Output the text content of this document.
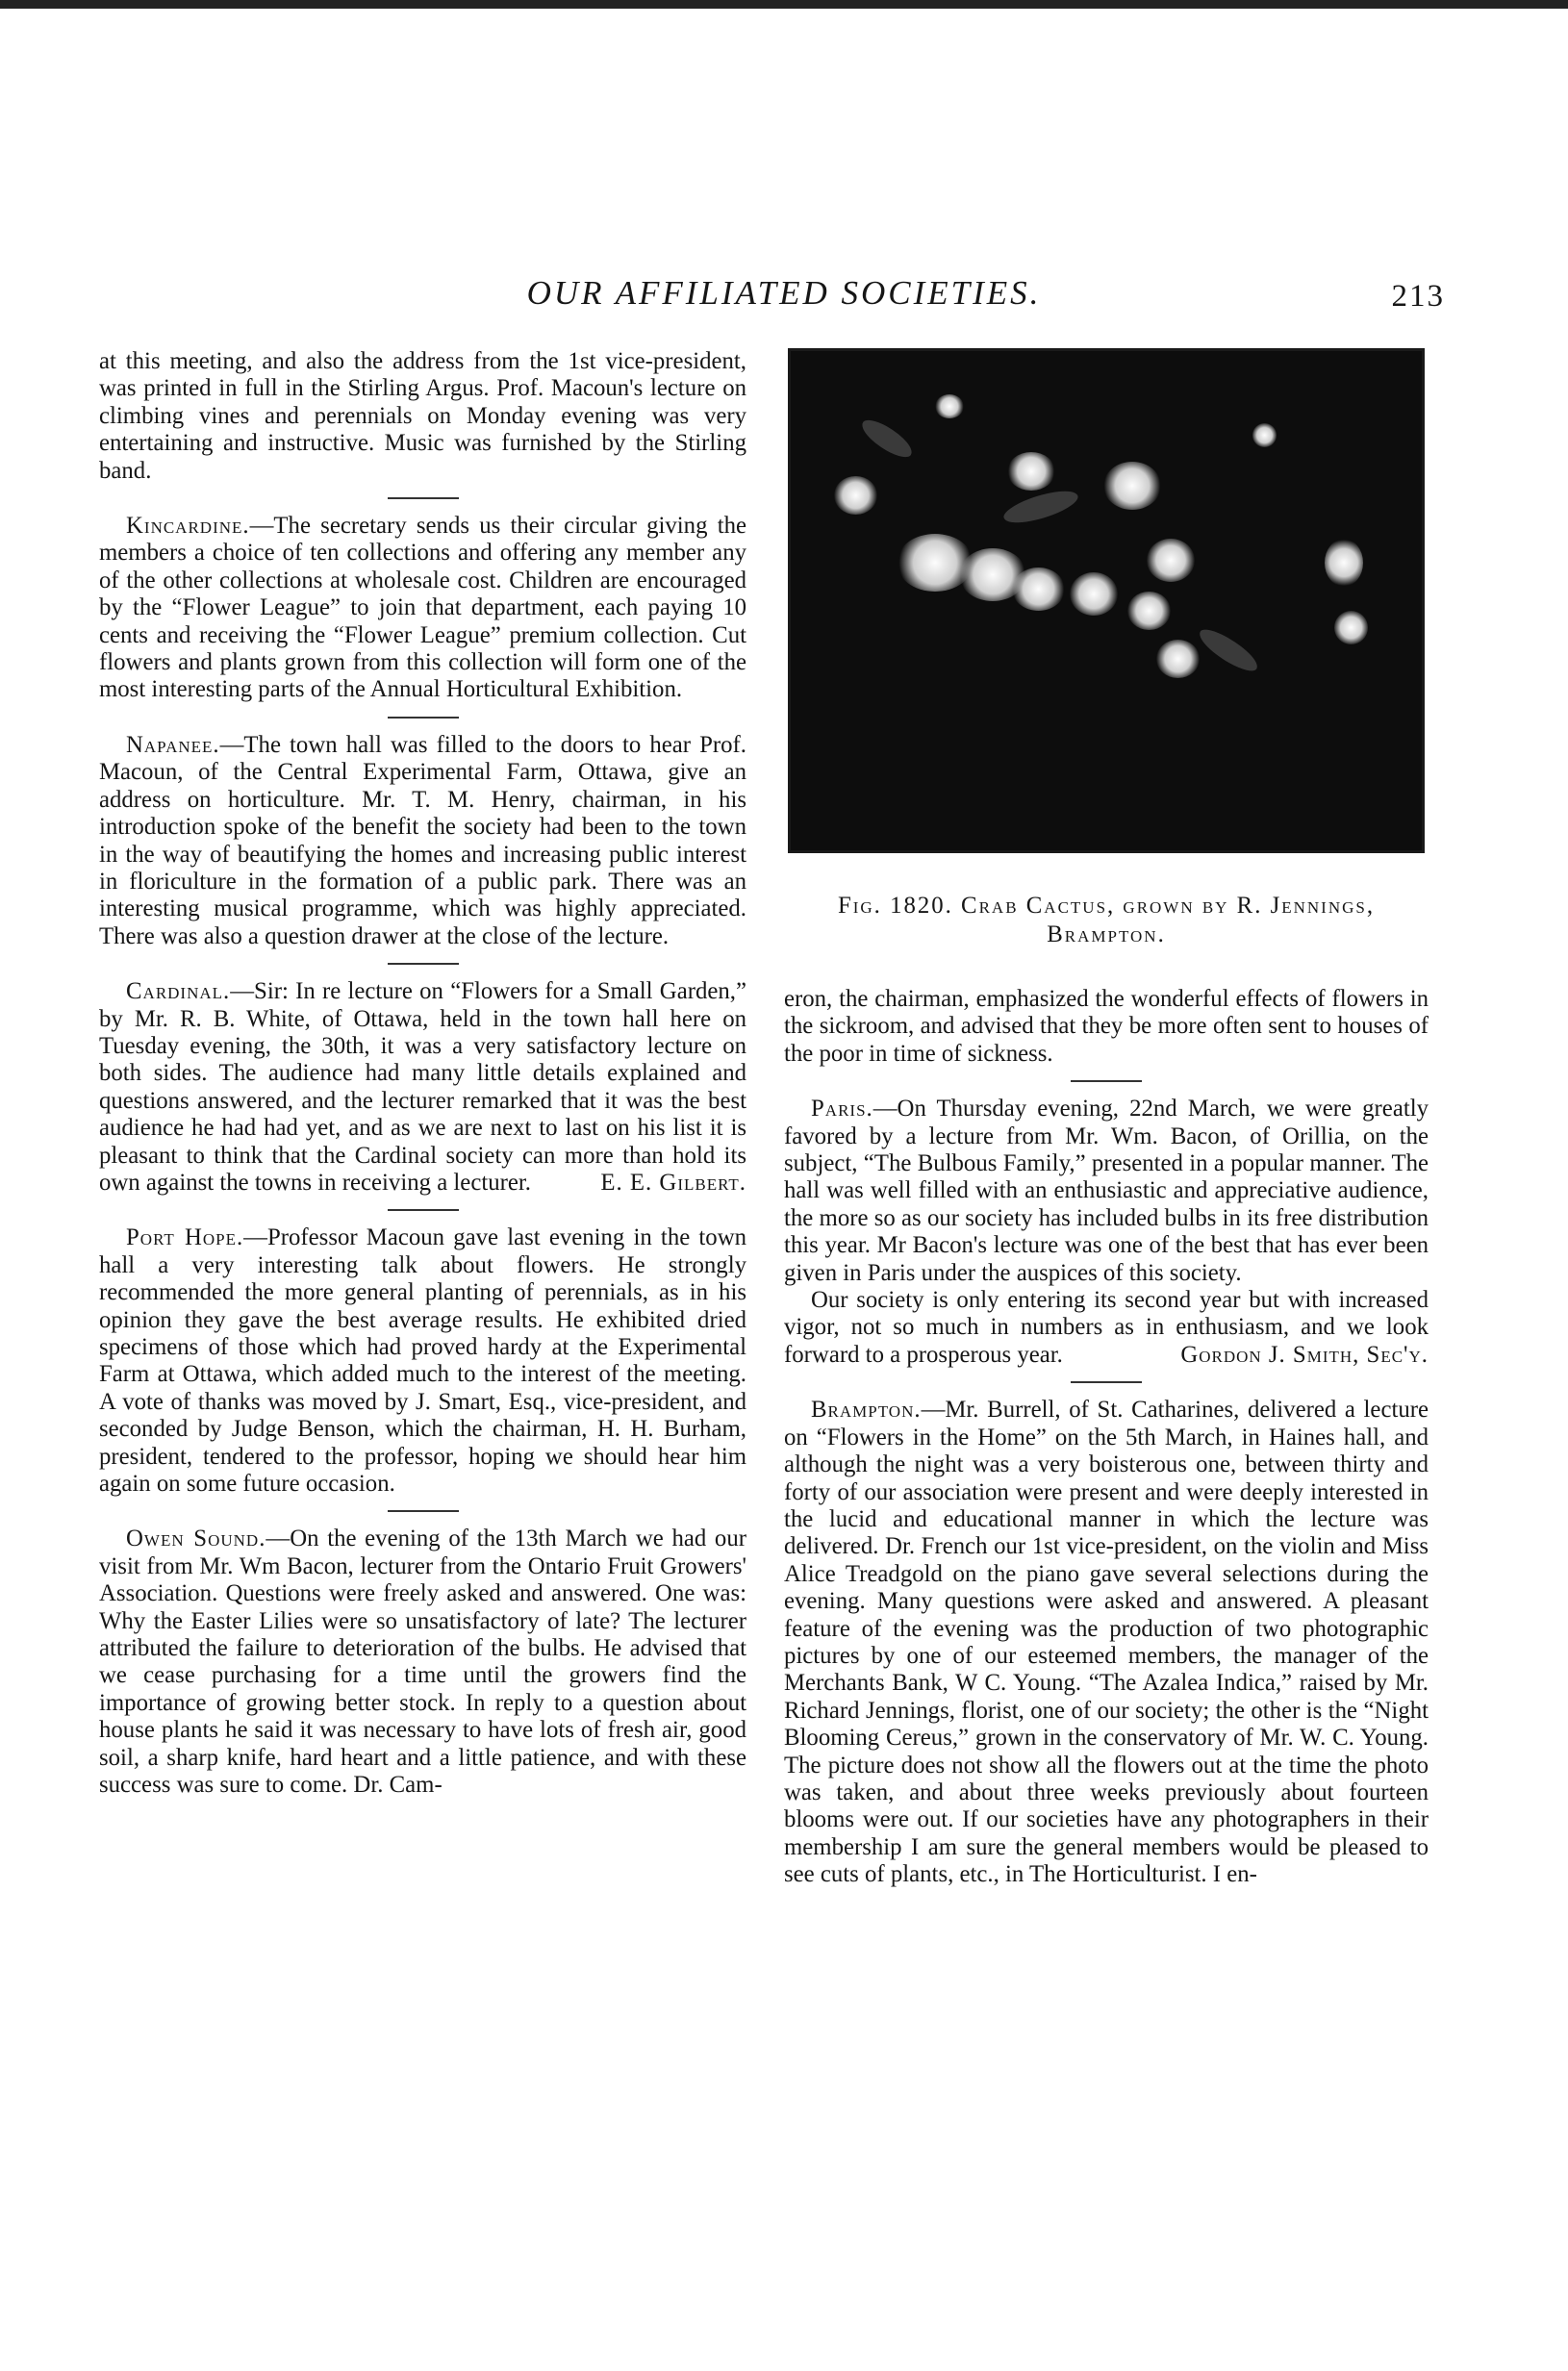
OUR AFFILIATED SOCIETIES.	213

at this meeting, and also the address from the 1st vice-president, was printed in full in the Stirling Argus. Prof. Macoun's lecture on climbing vines and perennials on Monday evening was very entertaining and instructive. Music was furnished by the Stirling band.

Kincardine.—The secretary sends us their circular giving the members a choice of ten collections and offering any member any of the other collections at wholesale cost. Children are encouraged by the “Flower League” to join that department, each paying 10 cents and receiving the “Flower League” premium collection. Cut flowers and plants grown from this collection will form one of the most interesting parts of the Annual Horticultural Exhibition.

Napanee.—The town hall was filled to the doors to hear Prof. Macoun, of the Central Experimental Farm, Ottawa, give an address on horticulture. Mr. T. M. Henry, chairman, in his introduction spoke of the benefit the society had been to the town in the way of beautifying the homes and increasing public interest in floriculture in the formation of a public park. There was an interesting musical programme, which was highly appreciated. There was also a question drawer at the close of the lecture.

Cardinal.—Sir: In re lecture on “Flowers for a Small Garden,” by Mr. R. B. White, of Ottawa, held in the town hall here on Tuesday evening, the 30th, it was a very satisfactory lecture on both sides. The audience had many little details explained and questions answered, and the lecturer remarked that it was the best audience he had had yet, and as we are next to last on his list it is pleasant to think that the Cardinal society can more than hold its own against the towns in receiving a lecturer.	E. E. Gilbert.

Port Hope.—Professor Macoun gave last evening in the town hall a very interesting talk about flowers. He strongly recommended the more general planting of perennials, as in his opinion they gave the best average results. He exhibited dried specimens of those which had proved hardy at the Experimental Farm at Ottawa, which added much to the interest of the meeting. A vote of thanks was moved by J. Smart, Esq., vice-president, and seconded by Judge Benson, which the chairman, H. H. Burham, president, tendered to the professor, hoping we should hear him again on some future occasion.

Owen Sound.—On the evening of the 13th March we had our visit from Mr. Wm Bacon, lecturer from the Ontario Fruit Growers' Association. Questions were freely asked and answered. One was: Why the Easter Lilies were so unsatisfactory of late? The lecturer attributed the failure to deterioration of the bulbs. He advised that we cease purchasing for a time until the growers find the importance of growing better stock. In reply to a question about house plants he said it was necessary to have lots of fresh air, good soil, a sharp knife, hard heart and a little patience, and with these success was sure to come. Dr. Cam-

Fig. 1820. Crab Cactus, grown by R. Jennings, Brampton.

eron, the chairman, emphasized the wonderful effects of flowers in the sickroom, and advised that they be more often sent to houses of the poor in time of sickness.

Paris.—On Thursday evening, 22nd March, we were greatly favored by a lecture from Mr. Wm. Bacon, of Orillia, on the subject, “The Bulbous Family,” presented in a popular manner. The hall was well filled with an enthusiastic and appreciative audience, the more so as our society has included bulbs in its free distribution this year. Mr Bacon's lecture was one of the best that has ever been given in Paris under the auspices of this society.

Our society is only entering its second year but with increased vigor, not so much in numbers as in enthusiasm, and we look forward to a prosperous year.	Gordon J. Smith, Sec'y.

Brampton.—Mr. Burrell, of St. Catharines, delivered a lecture on “Flowers in the Home” on the 5th March, in Haines hall, and although the night was a very boisterous one, between thirty and forty of our association were present and were deeply interested in the lucid and educational manner in which the lecture was delivered. Dr. French our 1st vice-president, on the violin and Miss Alice Treadgold on the piano gave several selections during the evening. Many questions were asked and answered. A pleasant feature of the evening was the production of two photographic pictures by one of our esteemed members, the manager of the Merchants Bank, W C. Young. “The Azalea Indica,” raised by Mr. Richard Jennings, florist, one of our society; the other is the “Night Blooming Cereus,” grown in the conservatory of Mr. W. C. Young. The picture does not show all the flowers out at the time the photo was taken, and about three weeks previously about fourteen blooms were out. If our societies have any photographers in their membership I am sure the general members would be pleased to see cuts of plants, etc., in The Horticulturist. I en-
